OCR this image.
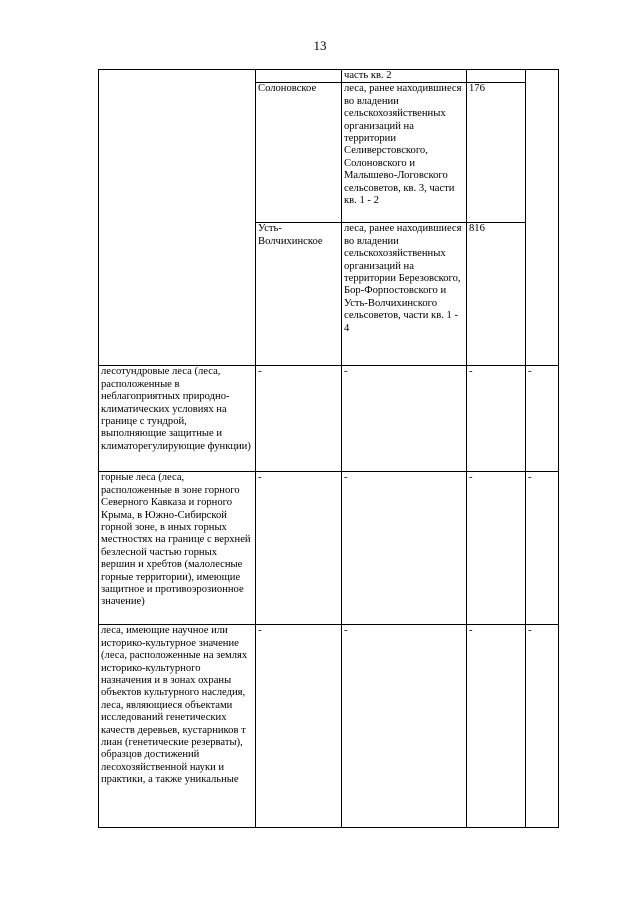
13
		часть кв. 2		
	Солоновское	леса, ранее находившиеся во владении сельскохозяйственных организаций на территории Селиверстовского, Солоновского и Малышево-Логовского сельсоветов, кв. 3, части кв. 1 - 2	176	
	Усть-Волчихинское	леса, ранее находившиеся во владении сельскохозяйственных организаций на территории Березовского, Бор-Форпостовского и Усть-Волчихинского сельсоветов, части кв. 1 - 4	816	
лесотундровые леса (леса, расположенные в неблагоприятных природно-климатических условиях на границе с тундрой, выполняющие защитные и климаторегулирующие функции)	-	-	-	-
горные леса (леса, расположенные в зоне горного Северного Кавказа и горного Крыма, в Южно-Сибирской горной зоне, в иных горных местностях на границе с верхней безлесной частью горных вершин и хребтов (малолесные горные территории), имеющие защитное и противоэрозионное значение)	-	-	-	-
леса, имеющие научное или историко-культурное значение (леса, расположенные на землях историко-культурного назначения и в зонах охраны объектов культурного наследия, леса, являющиеся объектами исследований генетических качеств деревьев, кустарников т лиан (генетические резерваты), образцов достижений лесохозяйственной науки и практики, а также уникальные	-	-	-	-
